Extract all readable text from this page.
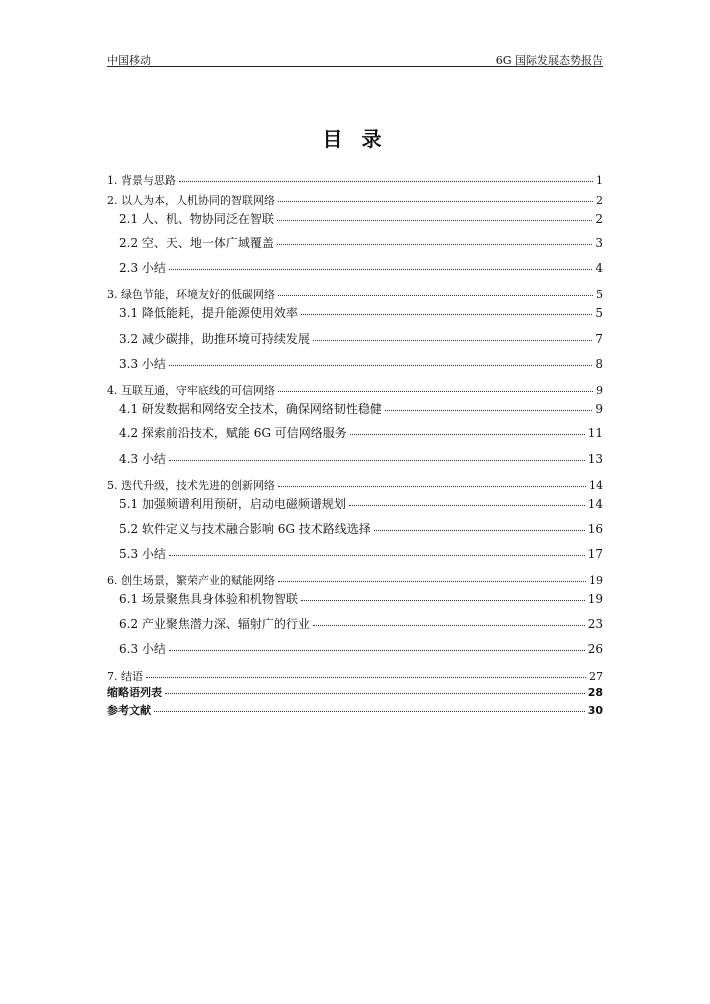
中国移动	6G 国际发展态势报告
目 录
1. 背景与思路	1
2. 以人为本，人机协同的智联网络	2
2.1 人、机、物协同泛在智联	2
2.2 空、天、地一体广域覆盖	3
2.3 小结	4
3. 绿色节能，环境友好的低碳网络	5
3.1 降低能耗，提升能源使用效率	5
3.2 减少碳排，助推环境可持续发展	7
3.3 小结	8
4. 互联互通，守牢底线的可信网络	9
4.1 研发数据和网络安全技术，确保网络韧性稳健	9
4.2 探索前沿技术，赋能 6G 可信网络服务	11
4.3 小结	13
5. 迭代升级，技术先进的创新网络	14
5.1 加强频谱利用预研，启动电磁频谱规划	14
5.2 软件定义与技术融合影响 6G 技术路线选择	16
5.3 小结	17
6. 创生场景，繁荣产业的赋能网络	19
6.1 场景聚焦具身体验和机物智联	19
6.2 产业聚焦潜力深、辐射广的行业	23
6.3 小结	26
7. 结语	27
缩略语列表	28
参考文献	30
